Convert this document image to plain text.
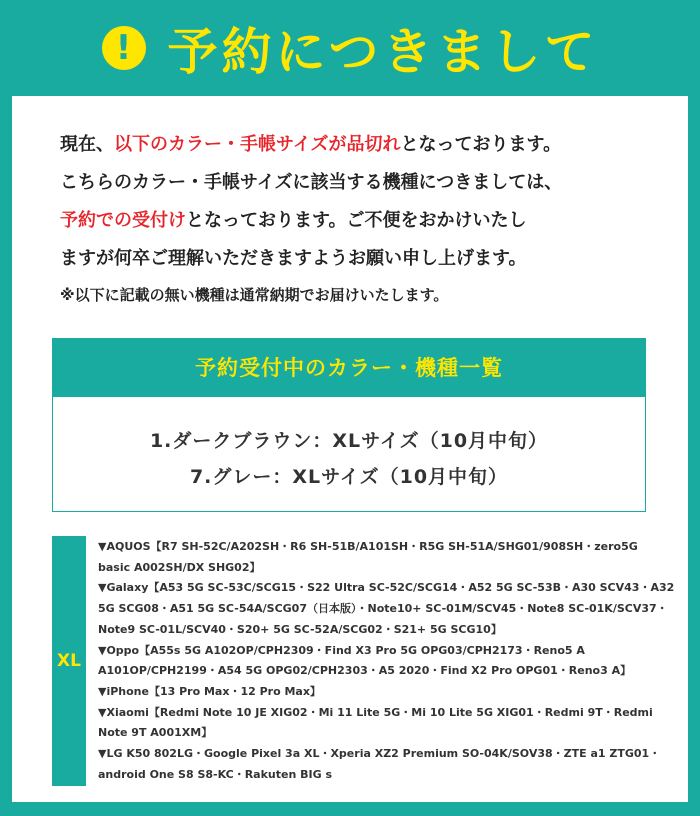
! 予約につきまして
現在、以下のカラー・手帳サイズが品切れとなっております。
こちらのカラー・手帳サイズに該当する機種につきましては、
予約での受付けとなっております。ご不便をおかけいたし
ますが何卒ご理解いただきますようお願い申し上げます。
※以下に記載の無い機種は通常納期でお届けいたします。
予約受付中のカラー・機種一覧
1.ダークブラウン：XLサイズ（10月中旬）
7.グレー：XLサイズ（10月中旬）
XL
▼AQUOS【R7 SH-52C/A202SH・R6 SH-51B/A101SH・R5G SH-51A/SHG01/908SH・zero5G
basic A002SH/DX SHG02】
▼Galaxy【A53 5G SC-53C/SCG15・S22 Ultra SC-52C/SCG14・A52 5G SC-53B・A30 SCV43・A32
5G SCG08・A51 5G SC-54A/SCG07（日本版）・Note10+ SC-01M/SCV45・Note8 SC-01K/SCV37・
Note9 SC-01L/SCV40・S20+ 5G SC-52A/SCG02・S21+ 5G SCG10】
▼Oppo【A55s 5G A102OP/CPH2309・Find X3 Pro 5G OPG03/CPH2173・Reno5 A
A101OP/CPH2199・A54 5G OPG02/CPH2303・A5 2020・Find X2 Pro OPG01・Reno3 A】
▼iPhone【13 Pro Max・12 Pro Max】
▼Xiaomi【Redmi Note 10 JE XIG02・Mi 11 Lite 5G・Mi 10 Lite 5G XIG01・Redmi 9T・Redmi
Note 9T A001XM】
▼LG K50 802LG・Google Pixel 3a XL・Xperia XZ2 Premium SO-04K/SOV38・ZTE a1 ZTG01・
android One S8 S8-KC・Rakuten BIG s
